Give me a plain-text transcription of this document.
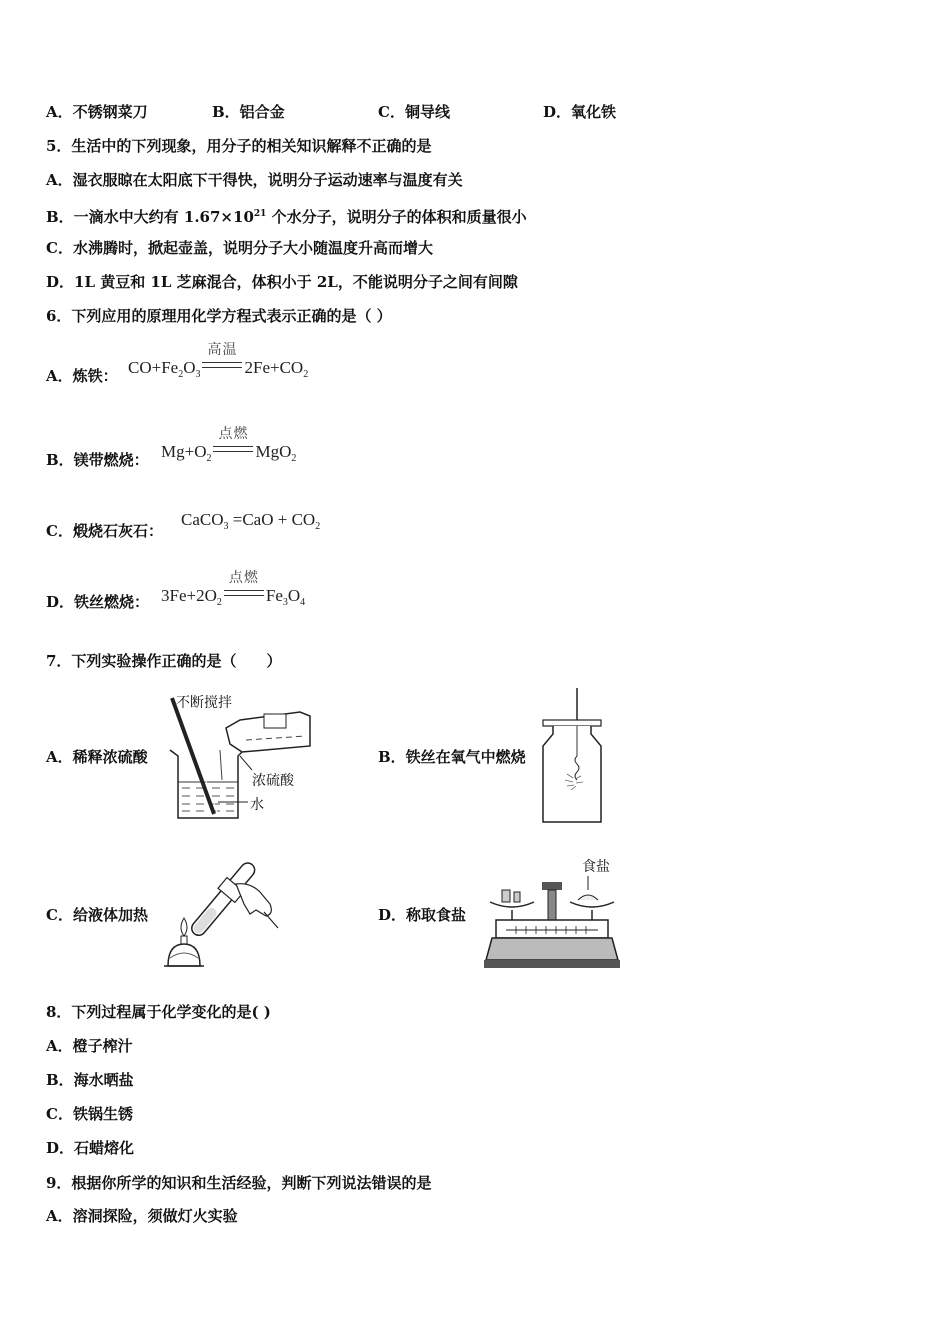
A．不锈钢菜刀	B．铝合金	C．铜导线	D．氧化铁
5．生活中的下列现象，用分子的相关知识解释不正确的是
A．湿衣服晾在太阳底下干得快，说明分子运动速率与温度有关
B．一滴水中大约有 $1.67\times 10^{21}$ 个水分子，说明分子的体积和质量很小
C．水沸腾时，掀起壶盖，说明分子大小随温度升高而增大
D．1L 黄豆和 1L 芝麻混合，体积小于 2L，不能说明分子之间有间隙
6．下列应用的原理用化学方程式表示正确的是（ ）
A．炼铁： $CO+Fe_2O_3$
高温
$2Fe+CO_2$
B．镁带燃烧： $Mg+O_2$
点燃
MgO$_2$
C．煅烧石灰石：
CaCO$_3$ $=CaO + CO_2$
D．铁丝燃烧： $3Fe+2O_2$
点燃
$Fe_3O_4$
7．下列实验操作正确的是（　　）
A．稀释浓硫酸	B．铁丝在氧气中燃烧
C．给液体加热	D．称取食盐
不断搅拌
浓硫酸
水
食盐
8．下列过程属于化学变化的是( )
A．橙子榨汁
B．海水晒盐
C．铁锅生锈
D．石蜡熔化
9．根据你所学的知识和生活经验，判断下列说法错误的是
A．溶洞探险，须做灯火实验
